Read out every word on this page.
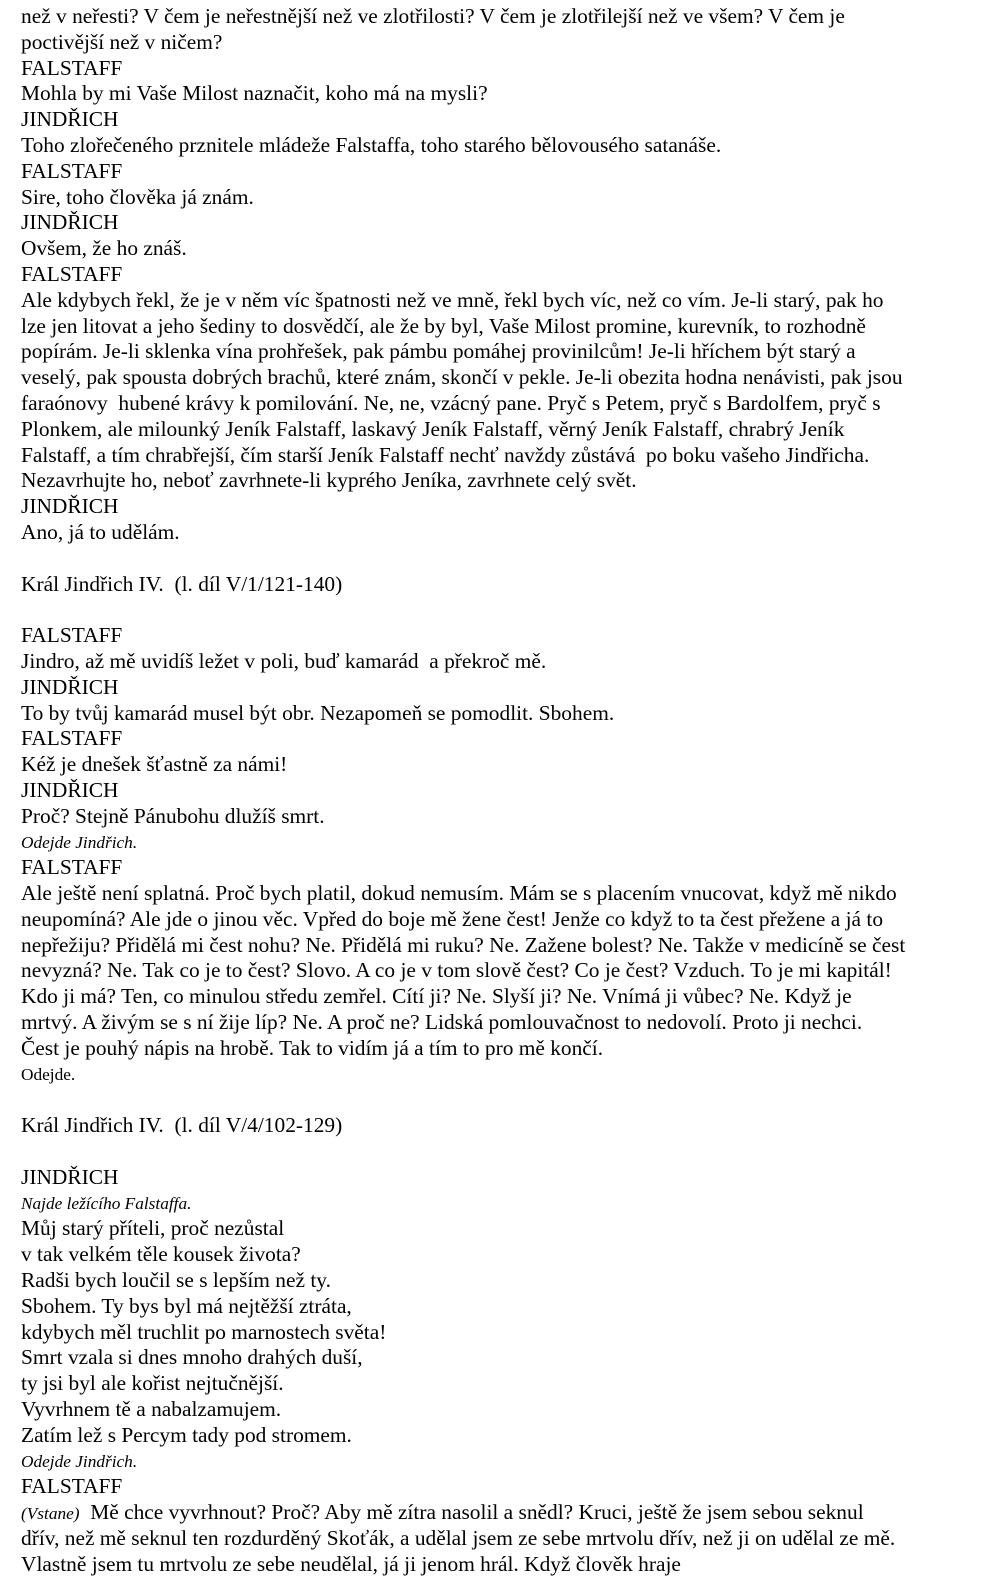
než v neřesti? V čem je neřestnější než ve zlotřilosti? V čem je zlotřilejší než ve všem? V čem je
poctivější než v ničem?
FALSTAFF
Mohla by mi Vaše Milost naznačit, koho má na mysli?
JINDŘICH
Toho zlořečeného prznitele mládeže Falstaffa, toho starého bělovousého satanáše.
FALSTAFF
Sire, toho člověka já znám.
JINDŘICH
Ovšem, že ho znáš.
FALSTAFF
Ale kdybych řekl, že je v něm víc špatnosti než ve mně, řekl bych víc, než co vím. Je-li starý, pak ho
lze jen litovat a jeho šediny to dosvědčí, ale že by byl, Vaše Milost promine, kurevník, to rozhodně
popírám. Je-li sklenka vína prohřešek, pak pámbu pomáhej provinilcům! Je-li hříchem být starý a
veselý, pak spousta dobrých brachů, které znám, skončí v pekle. Je-li obezita hodna nenávisti, pak jsou
faraónovy  hubené krávy k pomilování. Ne, ne, vzácný pane. Pryč s Petem, pryč s Bardolfem, pryč s
Plonkem, ale milounký Jeník Falstaff, laskavý Jeník Falstaff, věrný Jeník Falstaff, chrabrý Jeník
Falstaff, a tím chrabřejší, čím starší Jeník Falstaff nechť navždy zůstává  po boku vašeho Jindřicha.
Nezavrhujte ho, neboť zavrhnete-li kyprého Jeníka, zavrhnete celý svět.
JINDŘICH
Ano, já to udělám.
Král Jindřich IV.  (l. díl V/1/121-140)
FALSTAFF
Jindro, až mě uvidíš ležet v poli, buď kamarád  a překroč mě.
JINDŘICH
To by tvůj kamarád musel být obr. Nezapomeň se pomodlit. Sbohem.
FALSTAFF
Kéž je dnešek šťastně za námi!
JINDŘICH
Proč? Stejně Pánubohu dlužíš smrt.
Odejde Jindřich.
FALSTAFF
Ale ještě není splatná. Proč bych platil, dokud nemusím. Mám se s placením vnucovat, když mě nikdo
neupomíná? Ale jde o jinou věc. Vpřed do boje mě žene čest! Jenže co když to ta čest přežene a já to
nepřežiju? Přidělá mi čest nohu? Ne. Přidělá mi ruku? Ne. Zažene bolest? Ne. Takže v medicíně se čest
nevyzná? Ne. Tak co je to čest? Slovo. A co je v tom slově čest? Co je čest? Vzduch. To je mi kapitál!
Kdo ji má? Ten, co minulou středu zemřel. Cítí ji? Ne. Slyší ji? Ne. Vnímá ji vůbec? Ne. Když je
mrtvý. A živým se s ní žije líp? Ne. A proč ne? Lidská pomlouvačnost to nedovolí. Proto ji nechci.
Čest je pouhý nápis na hrobě. Tak to vidím já a tím to pro mě končí.
Odejde.
Král Jindřich IV.  (l. díl V/4/102-129)
JINDŘICH
Najde ležícího Falstaffa.
Můj starý příteli, proč nezůstal
v tak velkém těle kousek života?
Radši bych loučil se s lepším než ty.
Sbohem. Ty bys byl má nejtěžší ztráta,
kdybych měl truchlit po marnostech světa!
Smrt vzala si dnes mnoho drahých duší,
ty jsi byl ale kořist nejtučnější.
Vyvrhnem tě a nabalzamujem.
Zatím lež s Percym tady pod stromem.
Odejde Jindřich.
FALSTAFF
(Vstane)  Mě chce vyvrhnout? Proč? Aby mě zítra nasolil a snědl? Kruci, ještě že jsem sebou seknul
dřív, než mě seknul ten rozdurděný Skoťák, a udělal jsem ze sebe mrtvolu dřív, než ji on udělal ze mě.
Vlastně jsem tu mrtvolu ze sebe neudělal, já ji jenom hrál. Když člověk hraje
